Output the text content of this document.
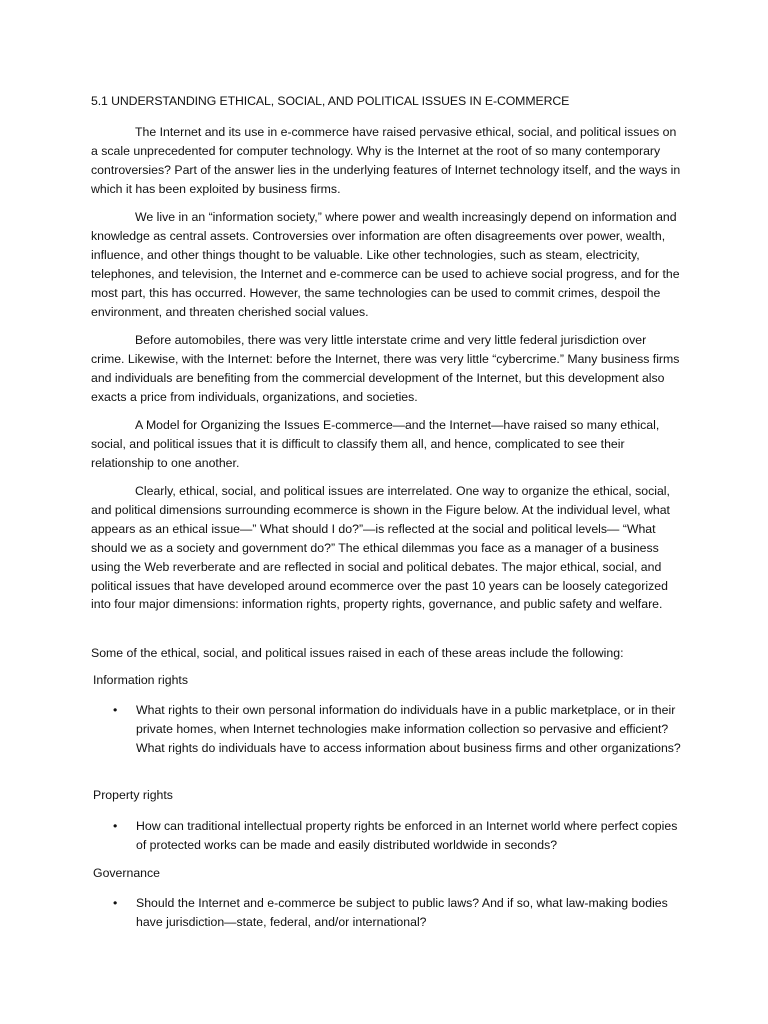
5.1 UNDERSTANDING ETHICAL, SOCIAL, AND POLITICAL ISSUES IN E-COMMERCE

The Internet and its use in e-commerce have raised pervasive ethical, social, and political issues on a scale unprecedented for computer technology. Why is the Internet at the root of so many contemporary controversies? Part of the answer lies in the underlying features of Internet technology itself, and the ways in which it has been exploited by business firms.

We live in an “information society,” where power and wealth increasingly depend on information and knowledge as central assets. Controversies over information are often disagreements over power, wealth, influence, and other things thought to be valuable. Like other technologies, such as steam, electricity, telephones, and television, the Internet and e-commerce can be used to achieve social progress, and for the most part, this has occurred. However, the same technologies can be used to commit crimes, despoil the environment, and threaten cherished social values.

Before automobiles, there was very little interstate crime and very little federal jurisdiction over crime. Likewise, with the Internet: before the Internet, there was very little “cybercrime.” Many business firms and individuals are benefiting from the commercial development of the Internet, but this development also exacts a price from individuals, organizations, and societies.

A Model for Organizing the Issues E-commerce—and the Internet—have raised so many ethical, social, and political issues that it is difficult to classify them all, and hence, complicated to see their relationship to one another.

Clearly, ethical, social, and political issues are interrelated. One way to organize the ethical, social, and political dimensions surrounding ecommerce is shown in the Figure below. At the individual level, what appears as an ethical issue—” What should I do?”—is reflected at the social and political levels— “What should we as a society and government do?” The ethical dilemmas you face as a manager of a business using the Web reverberate and are reflected in social and political debates. The major ethical, social, and political issues that have developed around ecommerce over the past 10 years can be loosely categorized into four major dimensions: information rights, property rights, governance, and public safety and welfare.

Some of the ethical, social, and political issues raised in each of these areas include the following:

Information rights
•	What rights to their own personal information do individuals have in a public marketplace, or in their private homes, when Internet technologies make information collection so pervasive and efficient? What rights do individuals have to access information about business firms and other organizations?
Property rights
•	How can traditional intellectual property rights be enforced in an Internet world where perfect copies of protected works can be made and easily distributed worldwide in seconds?
Governance
•	Should the Internet and e-commerce be subject to public laws? And if so, what law-making bodies have jurisdiction—state, federal, and/or international?
